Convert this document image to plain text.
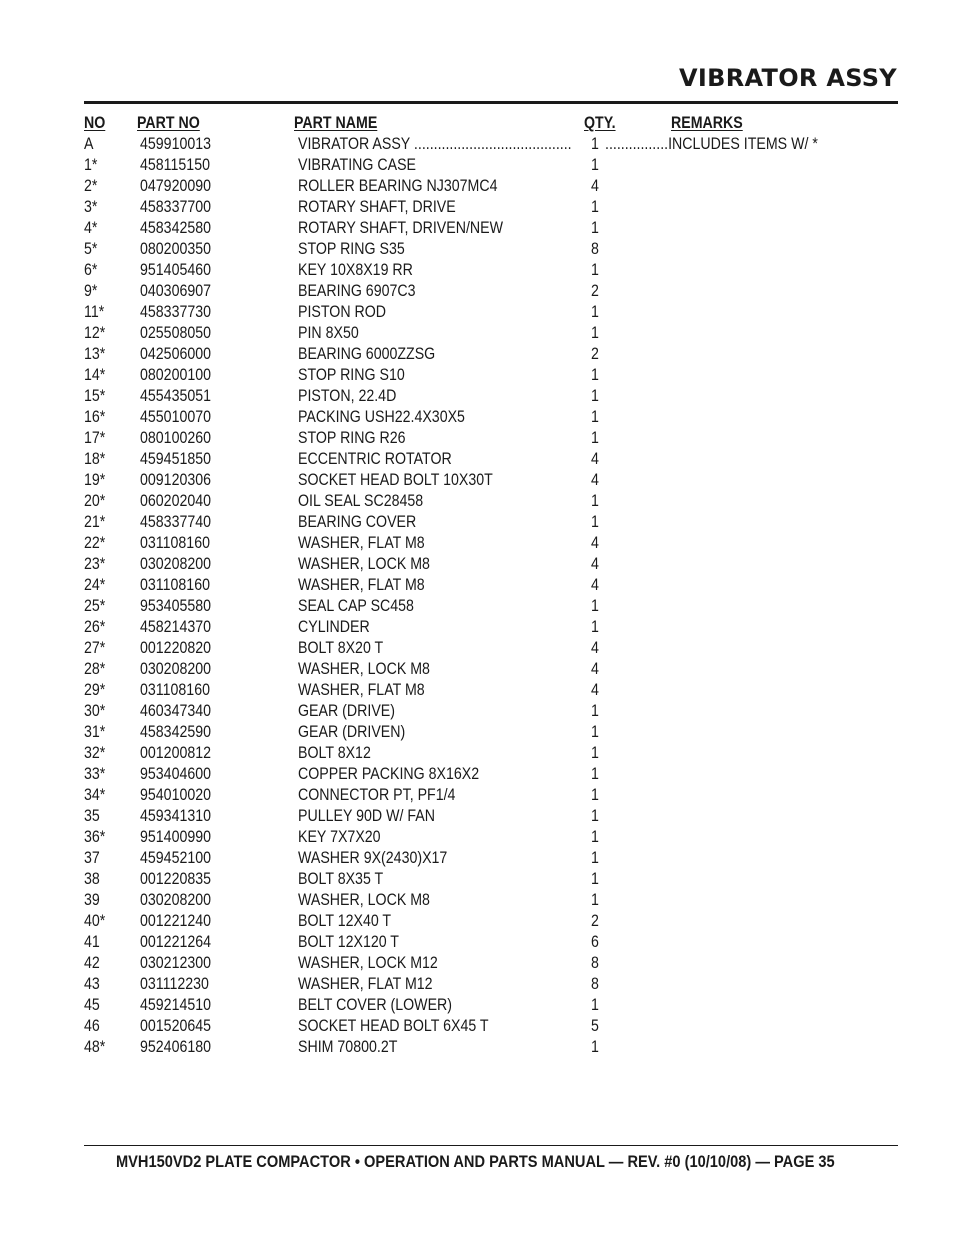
VIBRATOR ASSY
NO PART NO	PART NAME	QTY.	REMARKS
A	459910013	VIBRATOR ASSY ........................................ 1 ................INCLUDES ITEMS W/ *
1*	458115150	VIBRATING CASE	1
2*	047920090	ROLLER BEARING NJ307MC4	4
3*	458337700	ROTARY SHAFT, DRIVE	1
4*	458342580	ROTARY SHAFT, DRIVEN/NEW	1
5*	080200350	STOP RING S35	8
6*	951405460	KEY 10X8X19 RR	1
9*	040306907	BEARING 6907C3	2
11* 458337730	PISTON ROD	1
12* 025508050	PIN 8X50	1
13* 042506000	BEARING 6000ZZSG	2
14* 080200100	STOP RING S10	1
15* 455435051	PISTON, 22.4D	1
16* 455010070	PACKING USH22.4X30X5	1
17* 080100260	STOP RING R26	1
18* 459451850	ECCENTRIC ROTATOR	4
19* 009120306	SOCKET HEAD BOLT 10X30T	4
20* 060202040	OIL SEAL SC28458	1
21* 458337740	BEARING COVER	1
22* 031108160	WASHER, FLAT M8	4
23* 030208200	WASHER, LOCK M8	4
24* 031108160	WASHER, FLAT M8	4
25* 953405580	SEAL CAP SC458	1
26* 458214370	CYLINDER	1
27* 001220820	BOLT 8X20 T	4
28* 030208200	WASHER, LOCK M8	4
29* 031108160	WASHER, FLAT M8	4
30* 460347340	GEAR (DRIVE)	1
31* 458342590	GEAR (DRIVEN)	1
32* 001200812	BOLT 8X12	1
33* 953404600	COPPER PACKING 8X16X2	1
34* 954010020	CONNECTOR PT, PF1/4	1
35 459341310	PULLEY 90D W/ FAN	1
36* 951400990	KEY 7X7X20	1
37 459452100	WASHER 9X(2430)X17	1
38 001220835	BOLT 8X35 T	1
39 030208200	WASHER, LOCK M8	1
40* 001221240	BOLT 12X40 T	2
41 001221264	BOLT 12X120 T	6
42 030212300	WASHER, LOCK M12	8
43 031112230	WASHER, FLAT M12	8
45 459214510	BELT COVER (LOWER)	1
46 001520645	SOCKET HEAD BOLT 6X45 T	5
48* 952406180	SHIM 70800.2T	1
MVH150VD2 PLATE COMPACTOR • OPERATION AND PARTS MANUAL — REV. #0 (10/10/08) — PAGE 35
